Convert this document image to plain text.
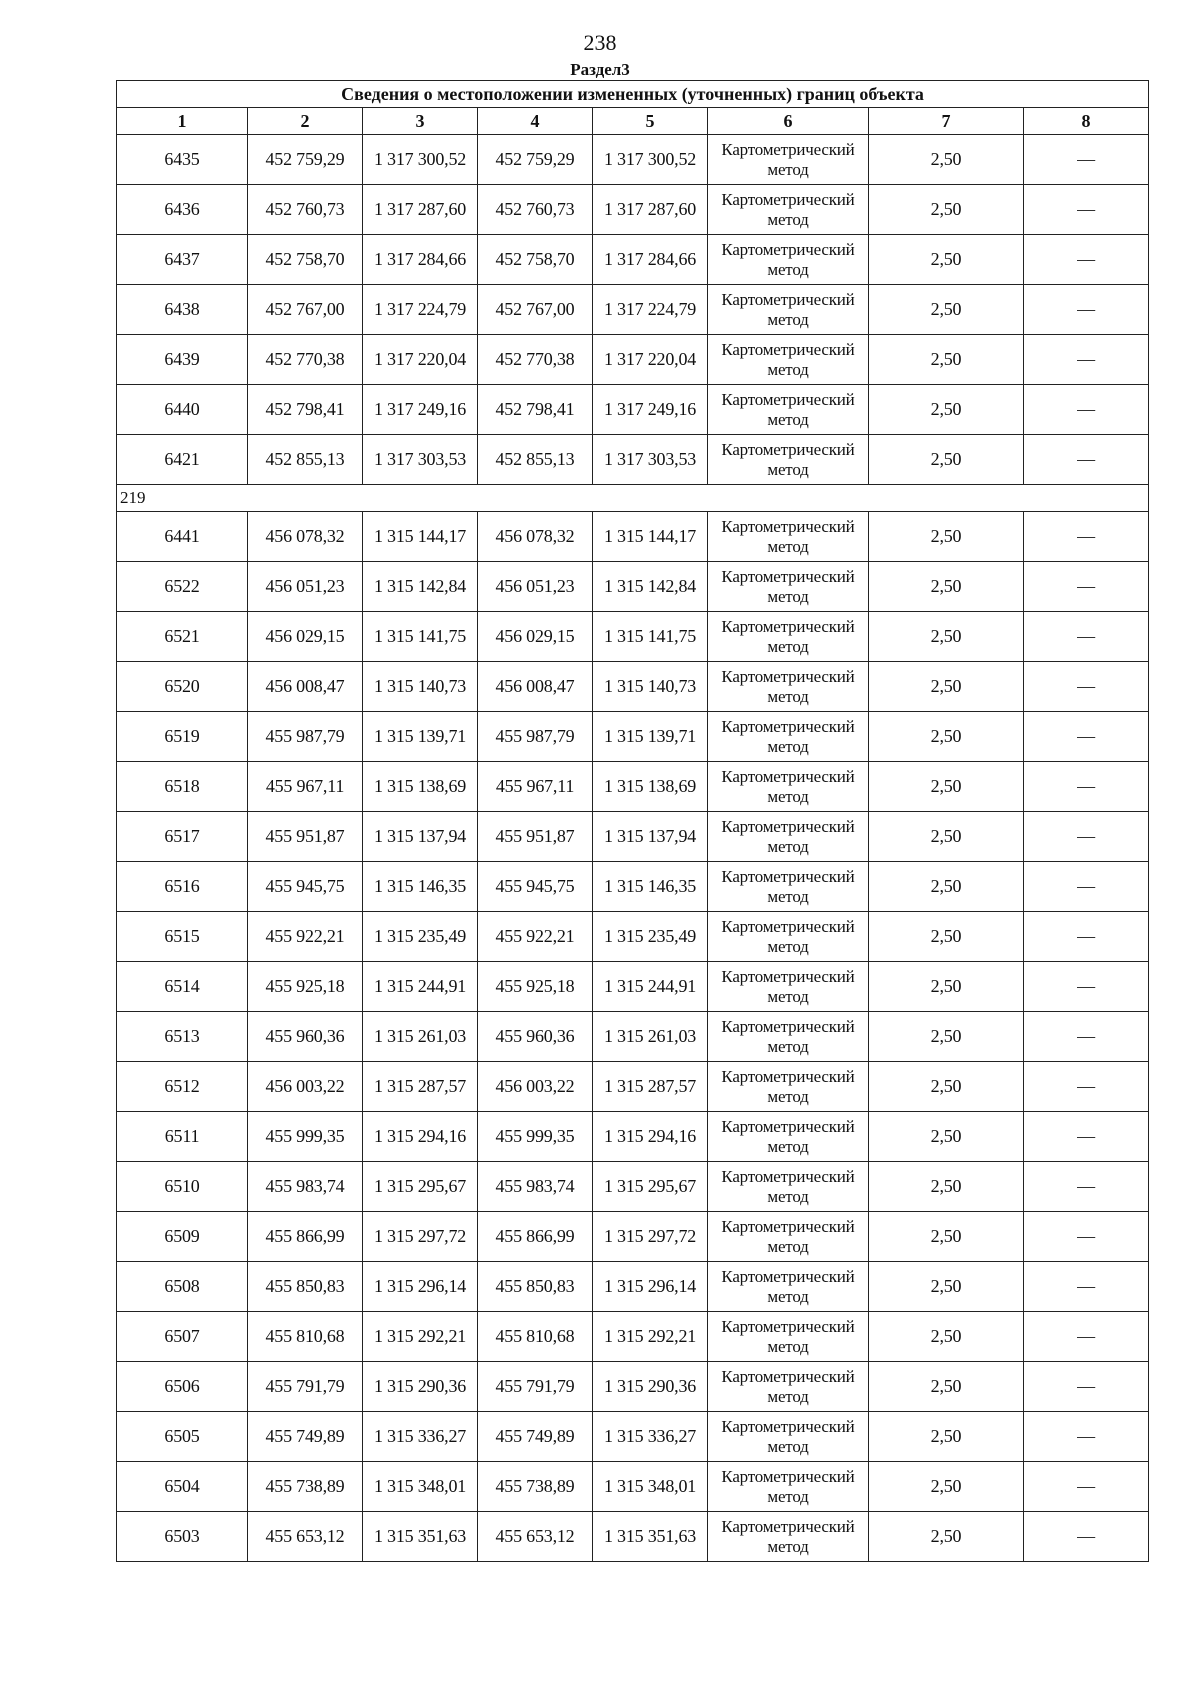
238
Раздел3
Сведения о местоположении измененных (уточненных) границ объекта							
1	2	3	4	5	6	7	8
6435	452 759,29	1 317 300,52	452 759,29	1 317 300,52	Картометрический метод	2,50	—
6436	452 760,73	1 317 287,60	452 760,73	1 317 287,60	Картометрический метод	2,50	—
6437	452 758,70	1 317 284,66	452 758,70	1 317 284,66	Картометрический метод	2,50	—
6438	452 767,00	1 317 224,79	452 767,00	1 317 224,79	Картометрический метод	2,50	—
6439	452 770,38	1 317 220,04	452 770,38	1 317 220,04	Картометрический метод	2,50	—
6440	452 798,41	1 317 249,16	452 798,41	1 317 249,16	Картометрический метод	2,50	—
6421	452 855,13	1 317 303,53	452 855,13	1 317 303,53	Картометрический метод	2,50	—
219							
6441	456 078,32	1 315 144,17	456 078,32	1 315 144,17	Картометрический метод	2,50	—
6522	456 051,23	1 315 142,84	456 051,23	1 315 142,84	Картометрический метод	2,50	—
6521	456 029,15	1 315 141,75	456 029,15	1 315 141,75	Картометрический метод	2,50	—
6520	456 008,47	1 315 140,73	456 008,47	1 315 140,73	Картометрический метод	2,50	—
6519	455 987,79	1 315 139,71	455 987,79	1 315 139,71	Картометрический метод	2,50	—
6518	455 967,11	1 315 138,69	455 967,11	1 315 138,69	Картометрический метод	2,50	—
6517	455 951,87	1 315 137,94	455 951,87	1 315 137,94	Картометрический метод	2,50	—
6516	455 945,75	1 315 146,35	455 945,75	1 315 146,35	Картометрический метод	2,50	—
6515	455 922,21	1 315 235,49	455 922,21	1 315 235,49	Картометрический метод	2,50	—
6514	455 925,18	1 315 244,91	455 925,18	1 315 244,91	Картометрический метод	2,50	—
6513	455 960,36	1 315 261,03	455 960,36	1 315 261,03	Картометрический метод	2,50	—
6512	456 003,22	1 315 287,57	456 003,22	1 315 287,57	Картометрический метод	2,50	—
6511	455 999,35	1 315 294,16	455 999,35	1 315 294,16	Картометрический метод	2,50	—
6510	455 983,74	1 315 295,67	455 983,74	1 315 295,67	Картометрический метод	2,50	—
6509	455 866,99	1 315 297,72	455 866,99	1 315 297,72	Картометрический метод	2,50	—
6508	455 850,83	1 315 296,14	455 850,83	1 315 296,14	Картометрический метод	2,50	—
6507	455 810,68	1 315 292,21	455 810,68	1 315 292,21	Картометрический метод	2,50	—
6506	455 791,79	1 315 290,36	455 791,79	1 315 290,36	Картометрический метод	2,50	—
6505	455 749,89	1 315 336,27	455 749,89	1 315 336,27	Картометрический метод	2,50	—
6504	455 738,89	1 315 348,01	455 738,89	1 315 348,01	Картометрический метод	2,50	—
6503	455 653,12	1 315 351,63	455 653,12	1 315 351,63	Картометрический метод	2,50	—
